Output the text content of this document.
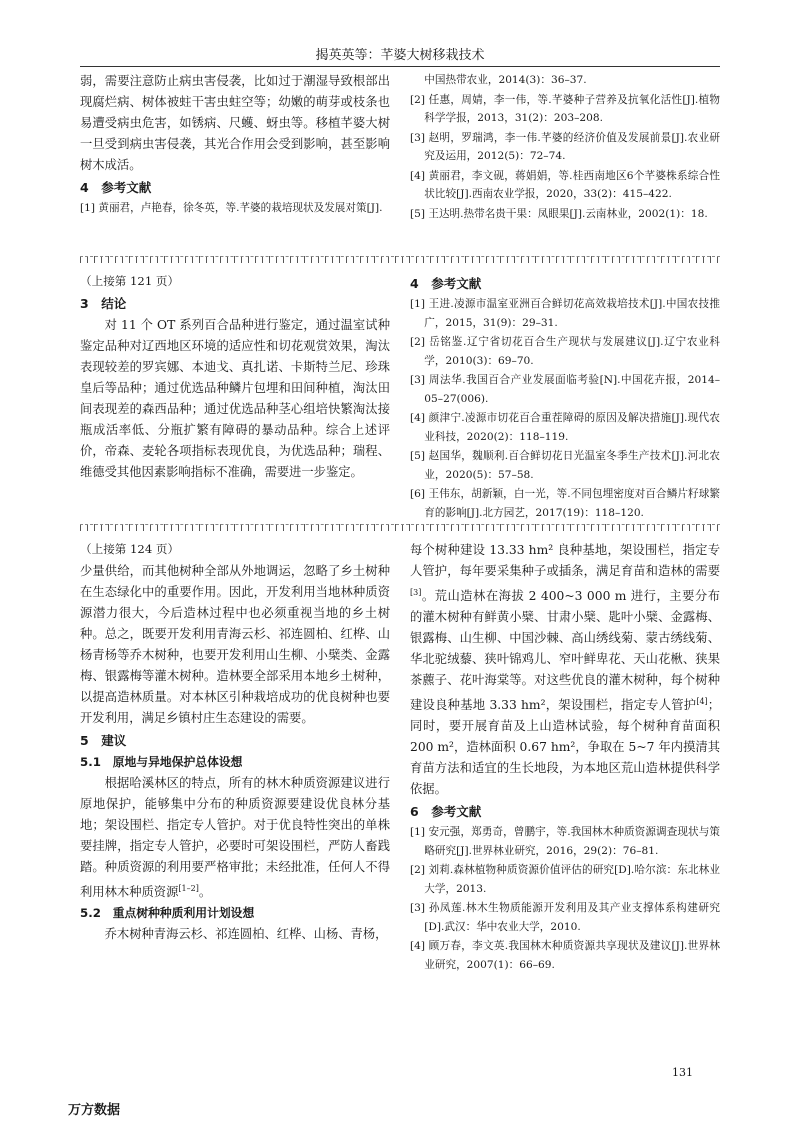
揭英英等：芊婆大树移栽技术

弱，需要注意防止病虫害侵袭，比如过于潮湿导致根部出现腐烂病、树体被蛀干害虫蛀空等；幼嫩的萌芽或枝条也易遭受病虫危害，如锈病、尺蠖、蚜虫等。移植芊婆大树一旦受到病虫害侵袭，其光合作用会受到影响，甚至影响树木成活。

4　参考文献
[1] 黄丽君，卢艳春，徐冬英，等.芊婆的栽培现状及发展对策[J].
中国热带农业，2014(3)：36–37.
[2] 任惠，周婧，李一伟，等.芊婆种子营养及抗氧化活性[J].植物科学学报，2013，31(2)：203–208.
[3] 赵明，罗瑞鸿，李一伟.芊婆的经济价值及发展前景[J].农业研究及运用，2012(5)：72–74.
[4] 黄丽君，李文砚，蒋娟娟，等.桂西南地区6个芊婆株系综合性状比较[J].西南农业学报，2020，33(2)：415–422.
[5] 王达明.热带名贵干果：凤眼果[J].云南林业，2002(1)：18.
（上接第 121 页）
3　结论

对 11 个 OT 系列百合品种进行鉴定，通过温室试种鉴定品种对辽西地区环境的适应性和切花观赏效果，淘汰表现较差的罗宾娜、本迪戈、真扎诺、卡斯特兰尼、珍珠皇后等品种；通过优选品种鳞片包埋和田间种植，淘汰田间表现差的森西品种；通过优选品种茎心组培快繁淘汰接瓶成活率低、分瓶扩繁有障碍的暴动品种。综合上述评价，帝森、麦轮各项指标表现优良，为优选品种；瑞程、维德受其他因素影响指标不准确，需要进一步鉴定。

4　参考文献
[1] 王进.凌源市温室亚洲百合鲜切花高效栽培技术[J].中国农技推广，2015，31(9)：29–31.
[2] 岳铭鉴.辽宁省切花百合生产现状与发展建议[J].辽宁农业科学，2010(3)：69–70.
[3] 周法华.我国百合产业发展面临考验[N].中国花卉报，2014–05–27(006).
[4] 颜津宁.凌源市切花百合重茬障碍的原因及解决措施[J].现代农业科技，2020(2)：118–119.
[5] 赵国华，魏顺利.百合鲜切花日光温室冬季生产技术[J].河北农业，2020(5)：57–58.
[6] 王伟东，胡新颖，白一光，等.不同包埋密度对百合鳞片籽球繁育的影响[J].北方园艺，2017(19)：118–120.
（上接第 124 页）

少量供给，而其他树种全部从外地调运，忽略了乡土树种在生态绿化中的重要作用。因此，开发利用当地林种质资源潜力很大，今后造林过程中也必须重视当地的乡土树种。总之，既要开发利用青海云杉、祁连圆柏、红桦、山杨青杨等乔木树种，也要开发利用山生柳、小檗类、金露梅、银露梅等灌木树种。造林要全部采用本地乡土树种，以提高造林质量。对本林区引种栽培成功的优良树种也要开发利用，满足乡镇村庄生态建设的需要。

5　建议
5.1　原地与异地保护总体设想

根据哈溪林区的特点，所有的林木种质资源建议进行原地保护，能够集中分布的种质资源要建设优良林分基地；架设围栏、指定专人管护。对于优良特性突出的单株要挂牌，指定专人管护，必要时可架设围栏，严防人畜践踏。种质资源的利用要严格审批；未经批准，任何人不得利用林木种质资源[1–2]。

5.2　重点树种种质利用计划设想

乔木树种青海云杉、祁连圆柏、红桦、山杨、青杨，

每个树种建设 13.33 hm² 良种基地，架设围栏，指定专人管护，每年要采集种子或插条，满足育苗和造林的需要[3]。荒山造林在海拔 2 400~3 000 m 进行，主要分布的灌木树种有鲜黄小檗、甘肃小檗、匙叶小檗、金露梅、银露梅、山生柳、中国沙棘、高山绣线菊、蒙古绣线菊、华北驼绒藜、狭叶锦鸡儿、窄叶鲜卑花、天山花楸、狭果茶藨子、花叶海棠等。对这些优良的灌木树种，每个树种建设良种基地 3.33 hm²，架设围栏，指定专人管护[4]；同时，要开展育苗及上山造林试验，每个树种育苗面积 200 m²，造林面积 0.67 hm²，争取在 5~7 年内摸清其育苗方法和适宜的生长地段，为本地区荒山造林提供科学依据。

6　参考文献
[1] 安元强，郑勇奇，曾鹏宇，等.我国林木种质资源调查现状与策略研究[J].世界林业研究，2016，29(2)：76–81.
[2] 刘莉.森林植物种质资源价值评估的研究[D].哈尔滨：东北林业大学，2013.
[3] 孙凤莲.林木生物质能源开发利用及其产业支撑体系构建研究[D].武汉：华中农业大学，2010.
[4] 顾万春，李文英.我国林木种质资源共享现状及建议[J].世界林业研究，2007(1)：66–69.
131
万方数据
